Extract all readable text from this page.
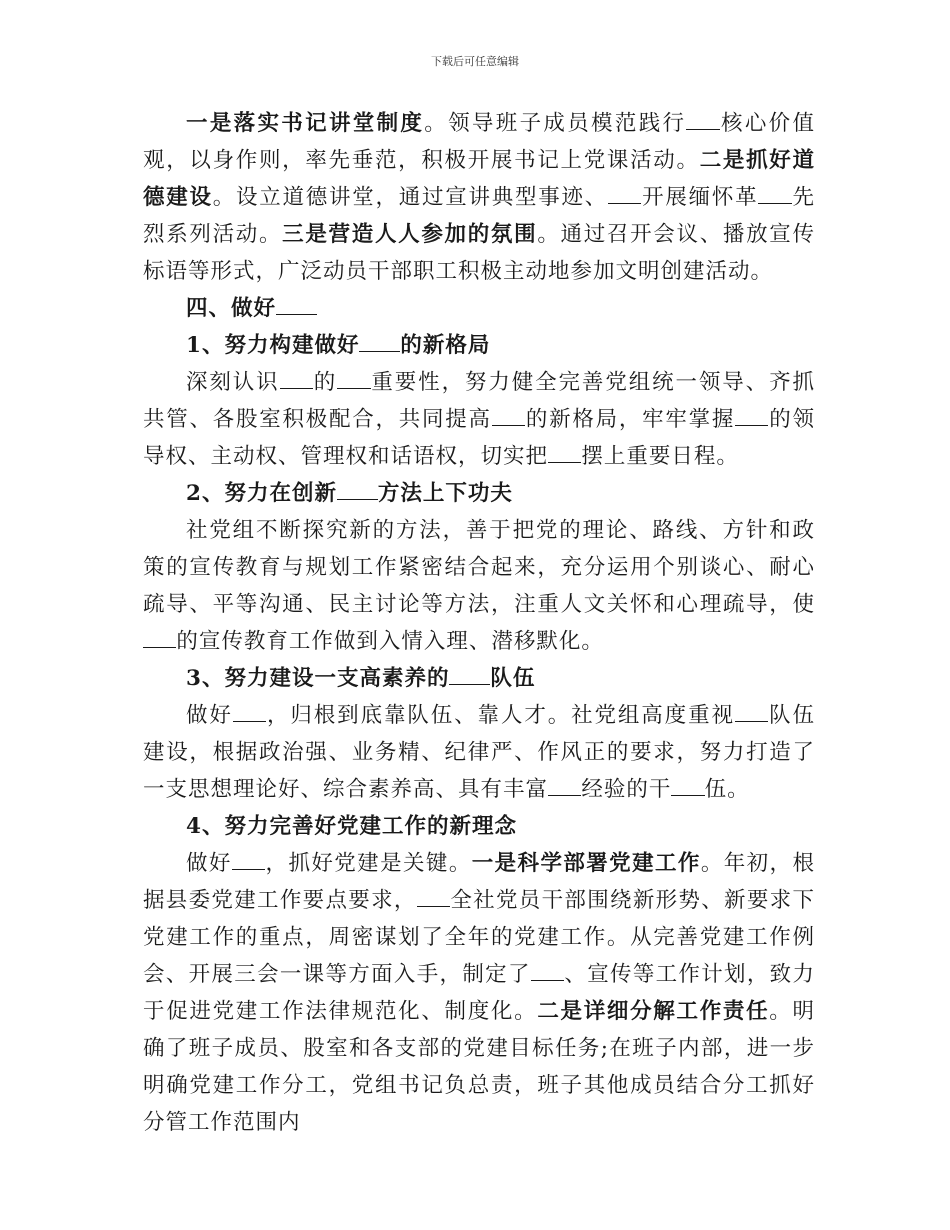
下载后可任意编辑

一是落实书记讲堂制度。领导班子成员模范践行 核心价值观，以身作则，率先垂范，积极开展书记上党课活动。二是抓好道德建设。设立道德讲堂，通过宣讲典型事迹、 开展缅怀革 先烈系列活动。三是营造人人参加的氛围。通过召开会议、播放宣传标语等形式，广泛动员干部职工积极主动地参加文明创建活动。

四、做好

1、努力构建做好 的新格局

深刻认识 的 重要性，努力健全完善党组统一领导、齐抓共管、各股室积极配合，共同提高 的新格局，牢牢掌握 的领导权、主动权、管理权和话语权，切实把 摆上重要日程。

2、努力在创新 方法上下功夫

社党组不断探究新的方法，善于把党的理论、路线、方针和政策的宣传教育与规划工作紧密结合起来，充分运用个别谈心、耐心疏导、平等沟通、民主讨论等方法，注重人文关怀和心理疏导，使的宣传教育工作做到入情入理、潜移默化。

3、努力建设一支高素养的 队伍

做好 ，归根到底靠队伍、靠人才。社党组高度重视 队伍建设，根据政治强、业务精、纪律严、作风正的要求，努力打造了一支思想理论好、综合素养高、具有丰富 经验的干 伍。

4、努力完善好党建工作的新理念

做好 ，抓好党建是关键。一是科学部署党建工作。年初，根据县委党建工作要点要求， 全社党员干部围绕新形势、新要求下党建工作的重点，周密谋划了全年的党建工作。从完善党建工作例会、开展三会一课等方面入手，制定了 、宣传等工作计划，致力于促进党建工作法律规范化、制度化。二是详细分解工作责任。明确了班子成员、股室和各支部的党建目标任务;在班子内部，进一步明确党建工作分工，党组书记负总责，班子其他成员结合分工抓好分管工作范围内
